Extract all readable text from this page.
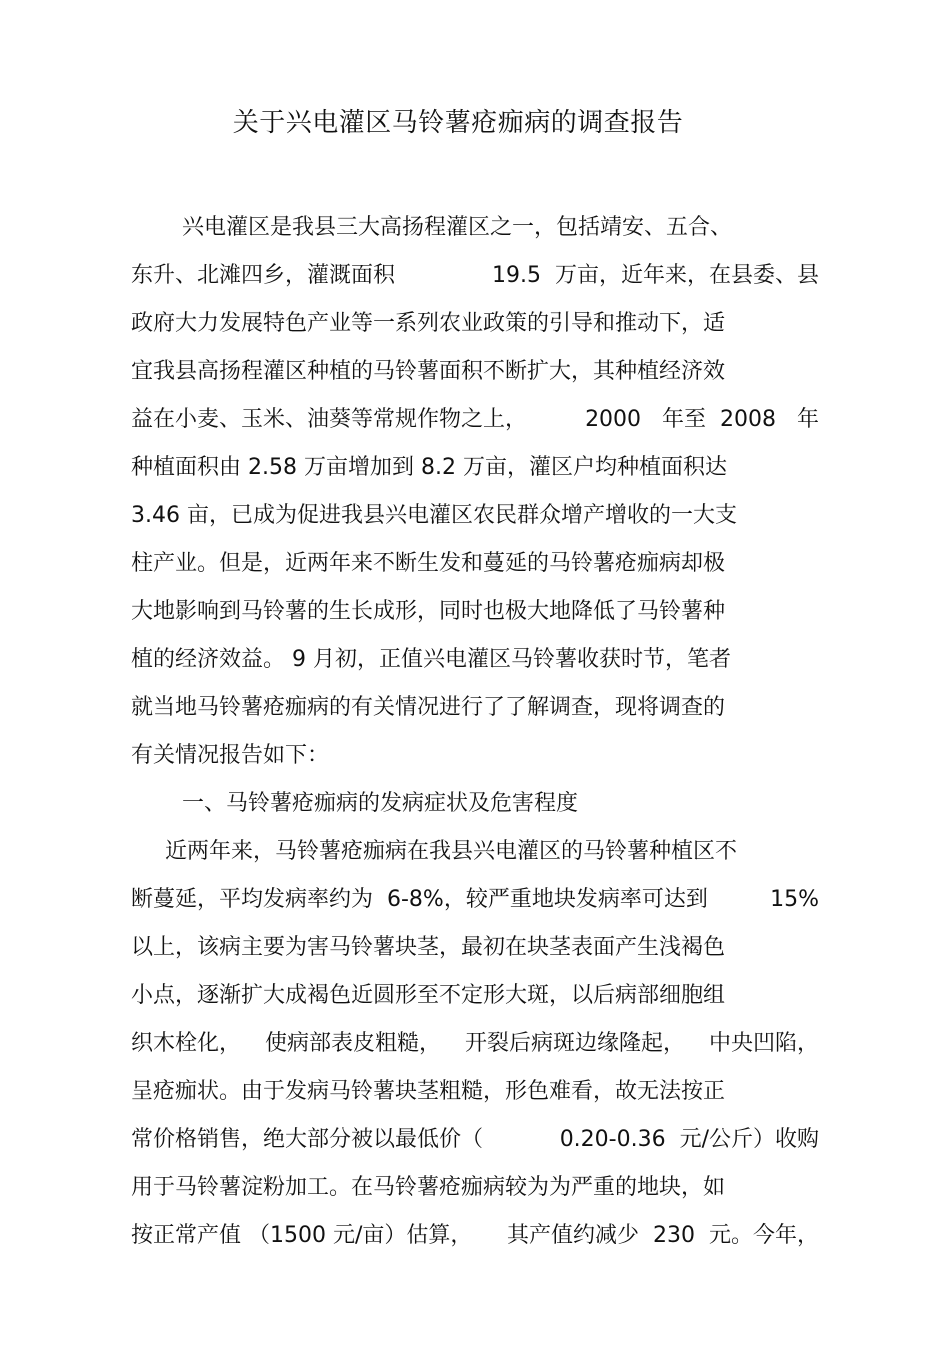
关于兴电灌区马铃薯疮痂病的调查报告
兴电灌区是我县三大高扬程灌区之一，包括靖安、五合、
东升、北滩四乡，灌溉面积	19.5  万亩，近年来，在县委、县
政府大力发展特色产业等一系列农业政策的引导和推动下，适
宜我县高扬程灌区种植的马铃薯面积不断扩大，其种植经济效
益在小麦、玉米、油葵等常规作物之上，	2000   年至  2008   年
种植面积由 2.58 万亩增加到 8.2 万亩，灌区户均种植面积达
3.46 亩，已成为促进我县兴电灌区农民群众增产增收的一大支
柱产业。但是，近两年来不断生发和蔓延的马铃薯疮痂病却极
大地影响到马铃薯的生长成形，同时也极大地降低了马铃薯种
植的经济效益。 9 月初，正值兴电灌区马铃薯收获时节，笔者
就当地马铃薯疮痂病的有关情况进行了了解调查，现将调查的
有关情况报告如下：
一、马铃薯疮痂病的发病症状及危害程度
近两年来，马铃薯疮痂病在我县兴电灌区的马铃薯种植区不
断蔓延，平均发病率约为  6-8%，较严重地块发病率可达到	15%
以上，该病主要为害马铃薯块茎，最初在块茎表面产生浅褐色
小点，逐渐扩大成褐色近圆形至不定形大斑，以后病部细胞组
织木栓化， 使病部表皮粗糙， 开裂后病斑边缘隆起， 中央凹陷，
呈疮痂状。由于发病马铃薯块茎粗糙，形色难看，故无法按正
常价格销售，绝大部分被以最低价（	0.20-0.36  元/公斤）收购
用于马铃薯淀粉加工。在马铃薯疮痂病较为为严重的地块，如
按正常产值 （1500 元/亩）估算， 其产值约减少  230  元。今年，
